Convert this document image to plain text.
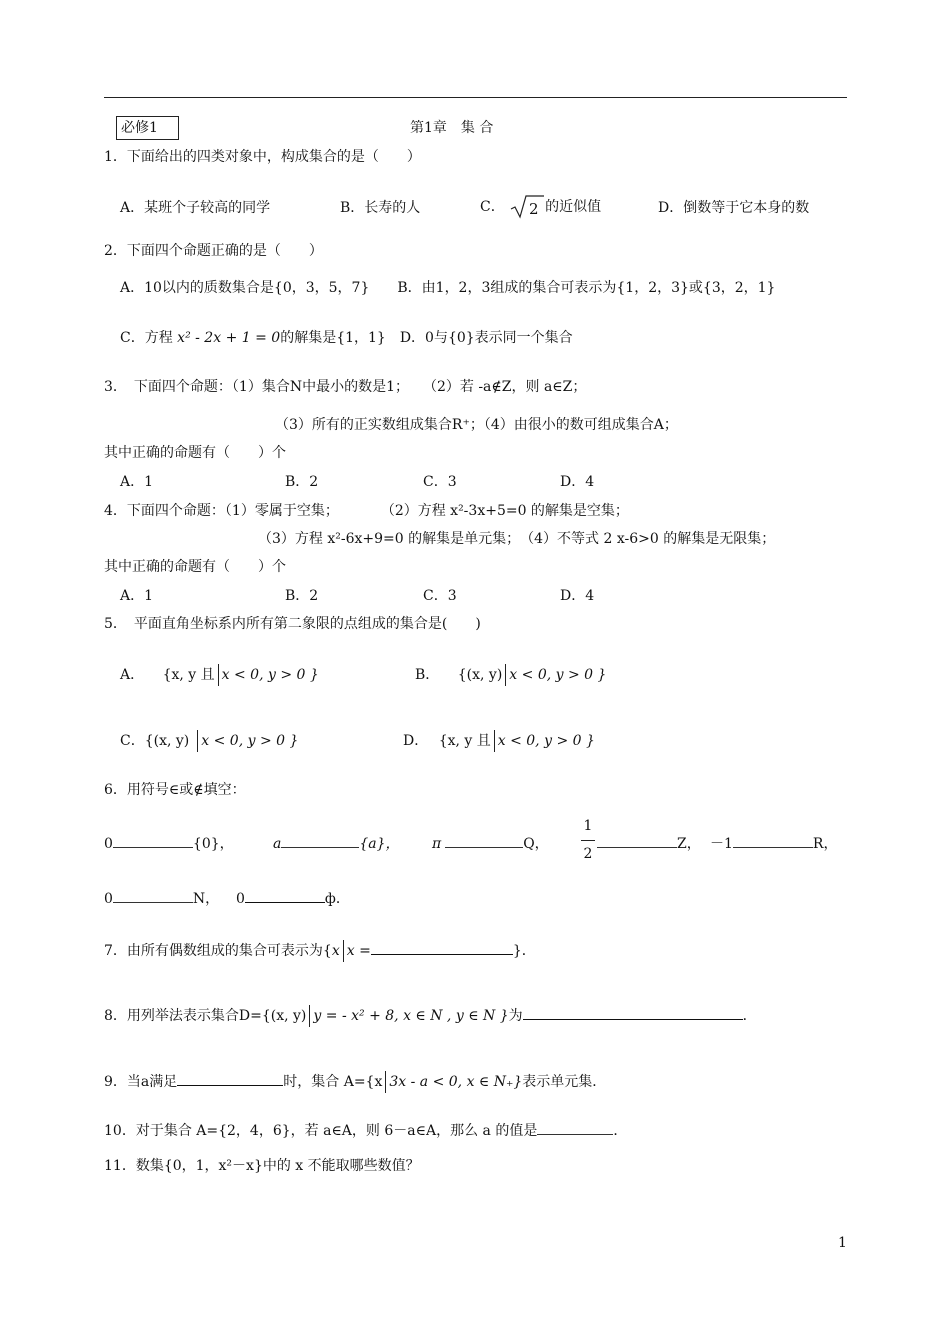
必修1	第1章　集 合
1．下面给出的四类对象中，构成集合的是（　　）
A．某班个子较高的同学	B．长寿的人	C． 2 的近似值	D．倒数等于它本身的数
2．下面四个命题正确的是（　　）
A．10以内的质数集合是{0，3，5，7}　　B．由1，2，3组成的集合可表示为{1，2，3}或{3，2，1}
C．方程 x² - 2x + 1 = 0的解集是{1，1}　D．0与{0}表示同一个集合
3．　下面四个命题：（1）集合N中最小的数是1；　　（2）若 -a∉Z，则 a∈Z；
（3）所有的正实数组成集合R⁺；（4）由很小的数可组成集合A；
其中正确的命题有（　　）个
A．1	B．2	C．3	D．4
4．下面四个命题：（1）零属于空集；　　　　（2）方程 x²-3x+5=0 的解集是空集；
（3）方程 x²-6x+9=0 的解集是单元集；　（4）不等式 2 x-6>0 的解集是无限集；
其中正确的命题有（　　）个
A．1	B．2	C．3	D．4
5．　平面直角坐标系内所有第二象限的点组成的集合是(　　)
A． {x, y 且 x < 0, y > 0 }	B． {(x, y) x < 0, y > 0 }
C．{(x, y) x < 0, y > 0 }	D． {x, y 且 x < 0, y > 0 }
6．用符号∈或∉填空：
0	{0}，	a	{a}， π	Q，
1
2
Z， －1	R，
0	N， 0	ф．
7．由所有偶数组成的集合可表示为{x x =	}．
8．用列举法表示集合D={(x, y) y = - x² + 8, x ∈ N , y ∈ N }为	．
9．当a满足	时，集合 A={x 3x - a < 0, x ∈ N₊}表示单元集．
10．对于集合 A={2，4，6}，若 a∈A，则 6－a∈A，那么 a 的值是	．
11．数集{0，1，x²－x}中的 x 不能取哪些数值？
1
